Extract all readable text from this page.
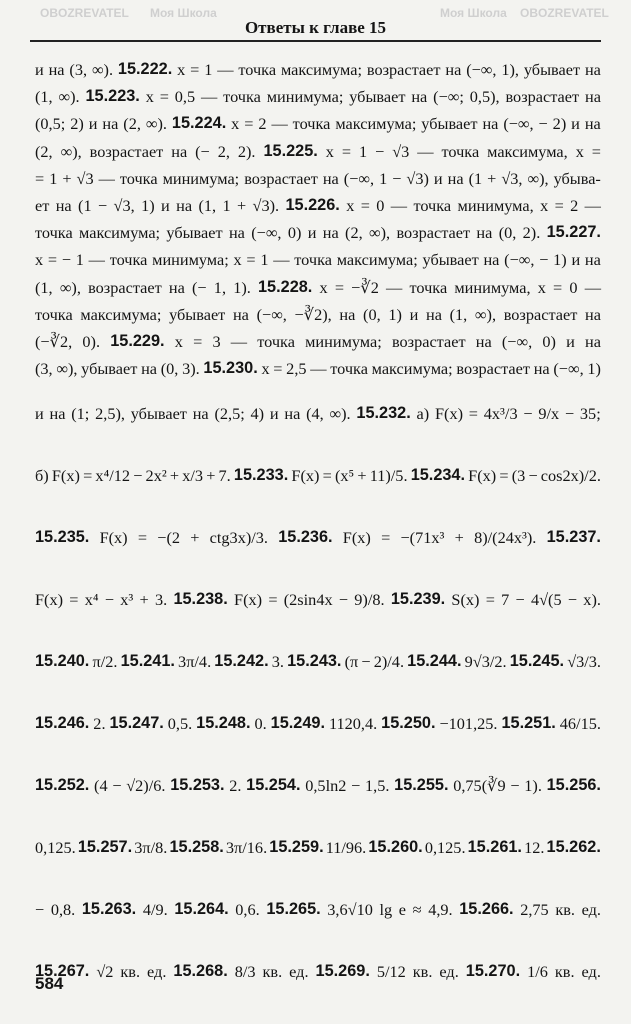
Ответы к главе 15
и на (3, ∞). 15.222. x = 1 — точка максимума; возрастает на (−∞, 1), убывает на
(1, ∞). 15.223. x = 0,5 — точка минимума; убывает на (−∞; 0,5), возрастает на
(0,5; 2) и на (2, ∞). 15.224. x = 2 — точка максимума; убывает на (−∞, − 2) и на
(2, ∞), возрастает на (− 2, 2). 15.225. x = 1 − √3 — точка максимума, x =
= 1 + √3 — точка минимума; возрастает на (−∞, 1 − √3) и на (1 + √3, ∞), убыва-
ет на (1 − √3, 1) и на (1, 1 + √3). 15.226. x = 0 — точка минимума, x = 2 —
точка максимума; убывает на (−∞, 0) и на (2, ∞), возрастает на (0, 2). 15.227.
x = − 1 — точка минимума; x = 1 — точка максимума; убывает на (−∞, − 1) и на
(1, ∞), возрастает на (− 1, 1). 15.228. x = −∛2 — точка минимума, x = 0 —
точка максимума; убывает на (−∞, −∛2), на (0, 1) и на (1, ∞), возрастает на
(−∛2, 0). 15.229. x = 3 — точка минимума; возрастает на (−∞, 0) и на
(3, ∞), убывает на (0, 3). 15.230. x = 2,5 — точка максимума; возрастает на (−∞, 1)
и на (1; 2,5), убывает на (2,5; 4) и на (4, ∞). 15.232. а) F(x) = 4x³/3 − 9/x − 35;
б) F(x) = x⁴/12 − 2x² + x/3 + 7. 15.233. F(x) = (x⁵ + 11)/5. 15.234. F(x) = (3 − cos2x)/2.
15.235. F(x) = −(2 + ctg3x)/3. 15.236. F(x) = −(71x³ + 8)/(24x³). 15.237.
F(x) = x⁴ − x³ + 3. 15.238. F(x) = (2sin4x − 9)/8. 15.239. S(x) = 7 − 4√(5 − x).
15.240. π/2. 15.241. 3π/4. 15.242. 3. 15.243. (π − 2)/4. 15.244. 9√3/2. 15.245. √3/3.
15.246. 2. 15.247. 0,5. 15.248. 0. 15.249. 1120,4. 15.250. −101,25. 15.251. 46/15.
15.252. (4 − √2)/6. 15.253. 2. 15.254. 0,5ln2 − 1,5. 15.255. 0,75(∛9 − 1). 15.256.
0,125. 15.257. 3π/8. 15.258. 3π/16. 15.259. 11/96. 15.260. 0,125. 15.261. 12. 15.262.
− 0,8. 15.263. 4/9. 15.264. 0,6. 15.265. 3,6√10 lg e ≈ 4,9. 15.266. 2,75 кв. ед.
15.267. √2 кв. ед. 15.268. 8/3 кв. ед. 15.269. 5/12 кв. ед. 15.270. 1/6 кв. ед.
584
OBOZREVATEL Моя Школа	Моя Школа OBOZREVATEL
